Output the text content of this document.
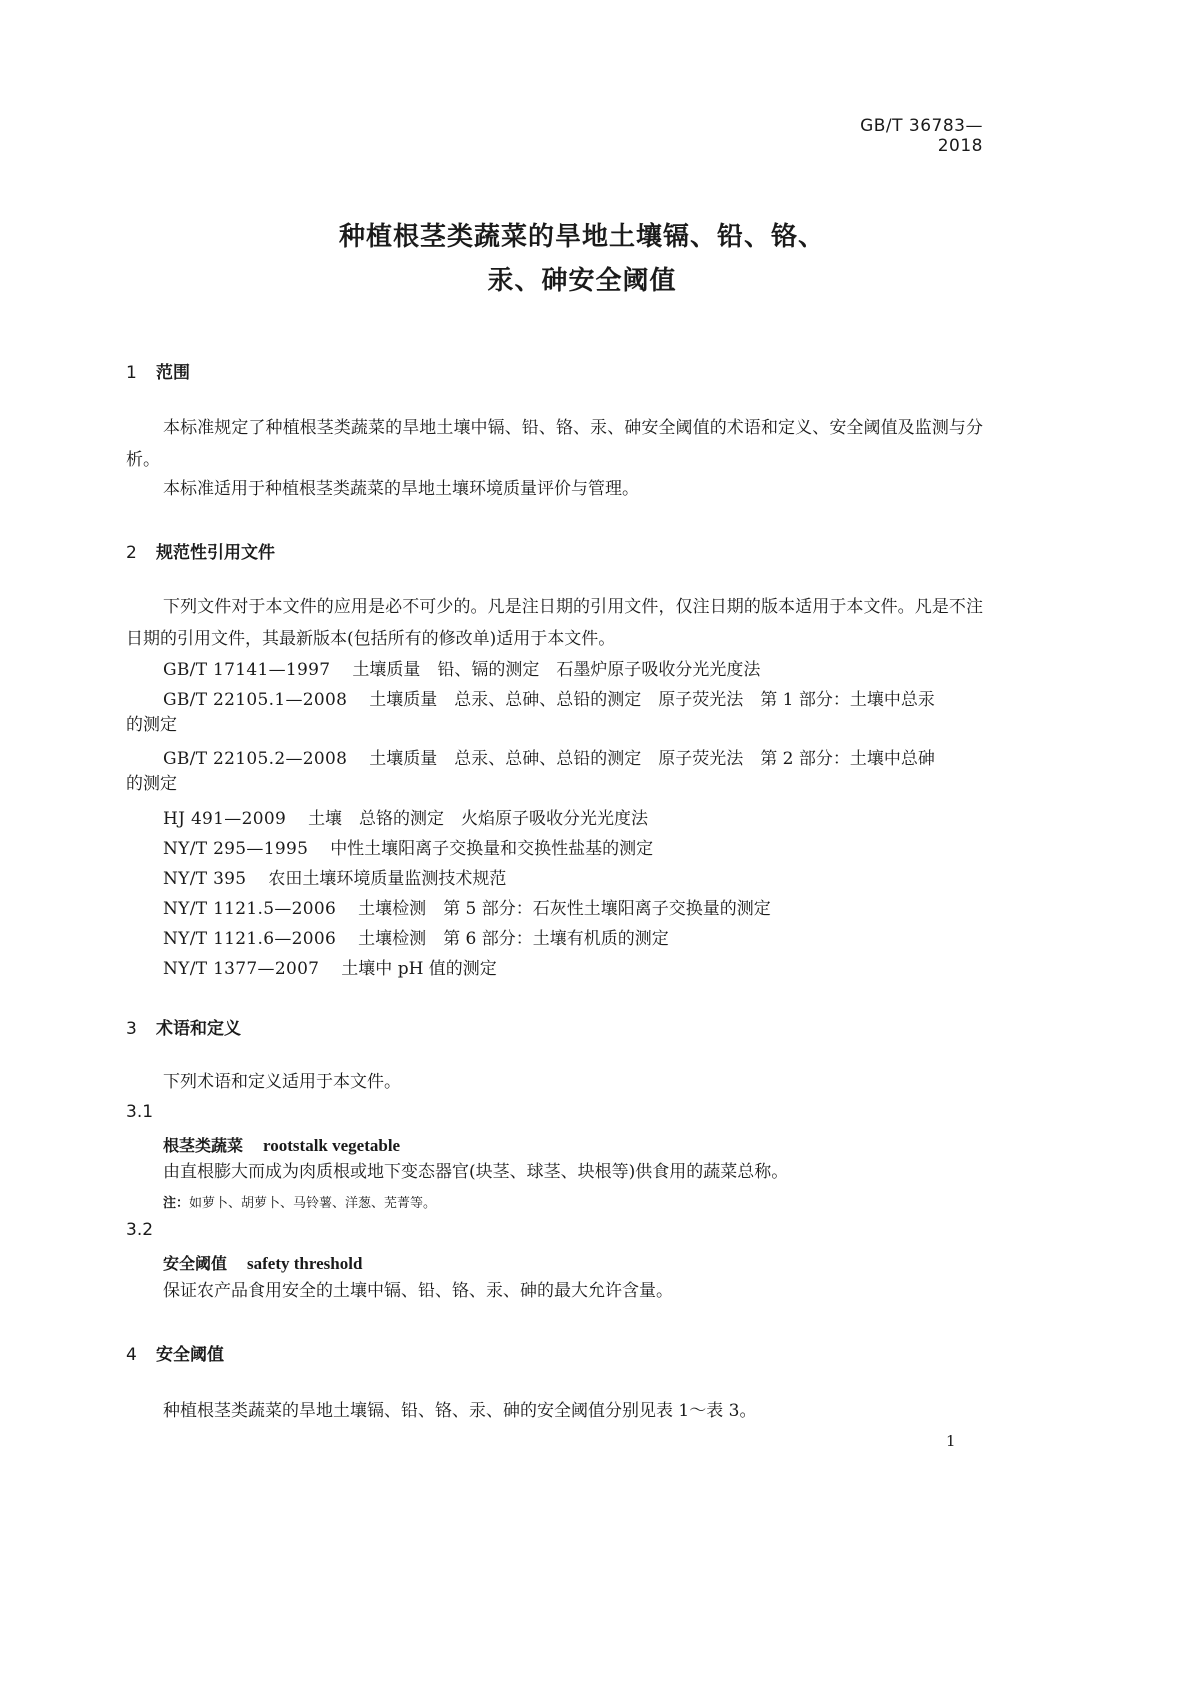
GB/T 36783—2018
种植根茎类蔬菜的旱地土壤镉、铅、铬、
汞、砷安全阈值
1 范围
本标准规定了种植根茎类蔬菜的旱地土壤中镉、铅、铬、汞、砷安全阈值的术语和定义、安全阈值及监测与分析。
本标准适用于种植根茎类蔬菜的旱地土壤环境质量评价与管理。
2 规范性引用文件
下列文件对于本文件的应用是必不可少的。凡是注日期的引用文件，仅注日期的版本适用于本文件。凡是不注日期的引用文件，其最新版本(包括所有的修改单)适用于本文件。
GB/T 17141—1997 土壤质量　铅、镉的测定　石墨炉原子吸收分光光度法
GB/T 22105.1—2008 土壤质量　总汞、总砷、总铅的测定　原子荧光法　第 1 部分：土壤中总汞
的测定
GB/T 22105.2—2008 土壤质量　总汞、总砷、总铅的测定　原子荧光法　第 2 部分：土壤中总砷
的测定
HJ 491—2009 土壤　总铬的测定　火焰原子吸收分光光度法
NY/T 295—1995 中性土壤阳离子交换量和交换性盐基的测定
NY/T 395 农田土壤环境质量监测技术规范
NY/T 1121.5—2006 土壤检测　第 5 部分：石灰性土壤阳离子交换量的测定
NY/T 1121.6—2006 土壤检测　第 6 部分：土壤有机质的测定
NY/T 1377—2007 土壤中 pH 值的测定
3 术语和定义
下列术语和定义适用于本文件。
3.1
根茎类蔬菜 rootstalk vegetable
由直根膨大而成为肉质根或地下变态器官(块茎、球茎、块根等)供食用的蔬菜总称。
注：如萝卜、胡萝卜、马铃薯、洋葱、芜菁等。
3.2
安全阈值 safety threshold
保证农产品食用安全的土壤中镉、铅、铬、汞、砷的最大允许含量。
4 安全阈值
种植根茎类蔬菜的旱地土壤镉、铅、铬、汞、砷的安全阈值分别见表 1～表 3。
1
